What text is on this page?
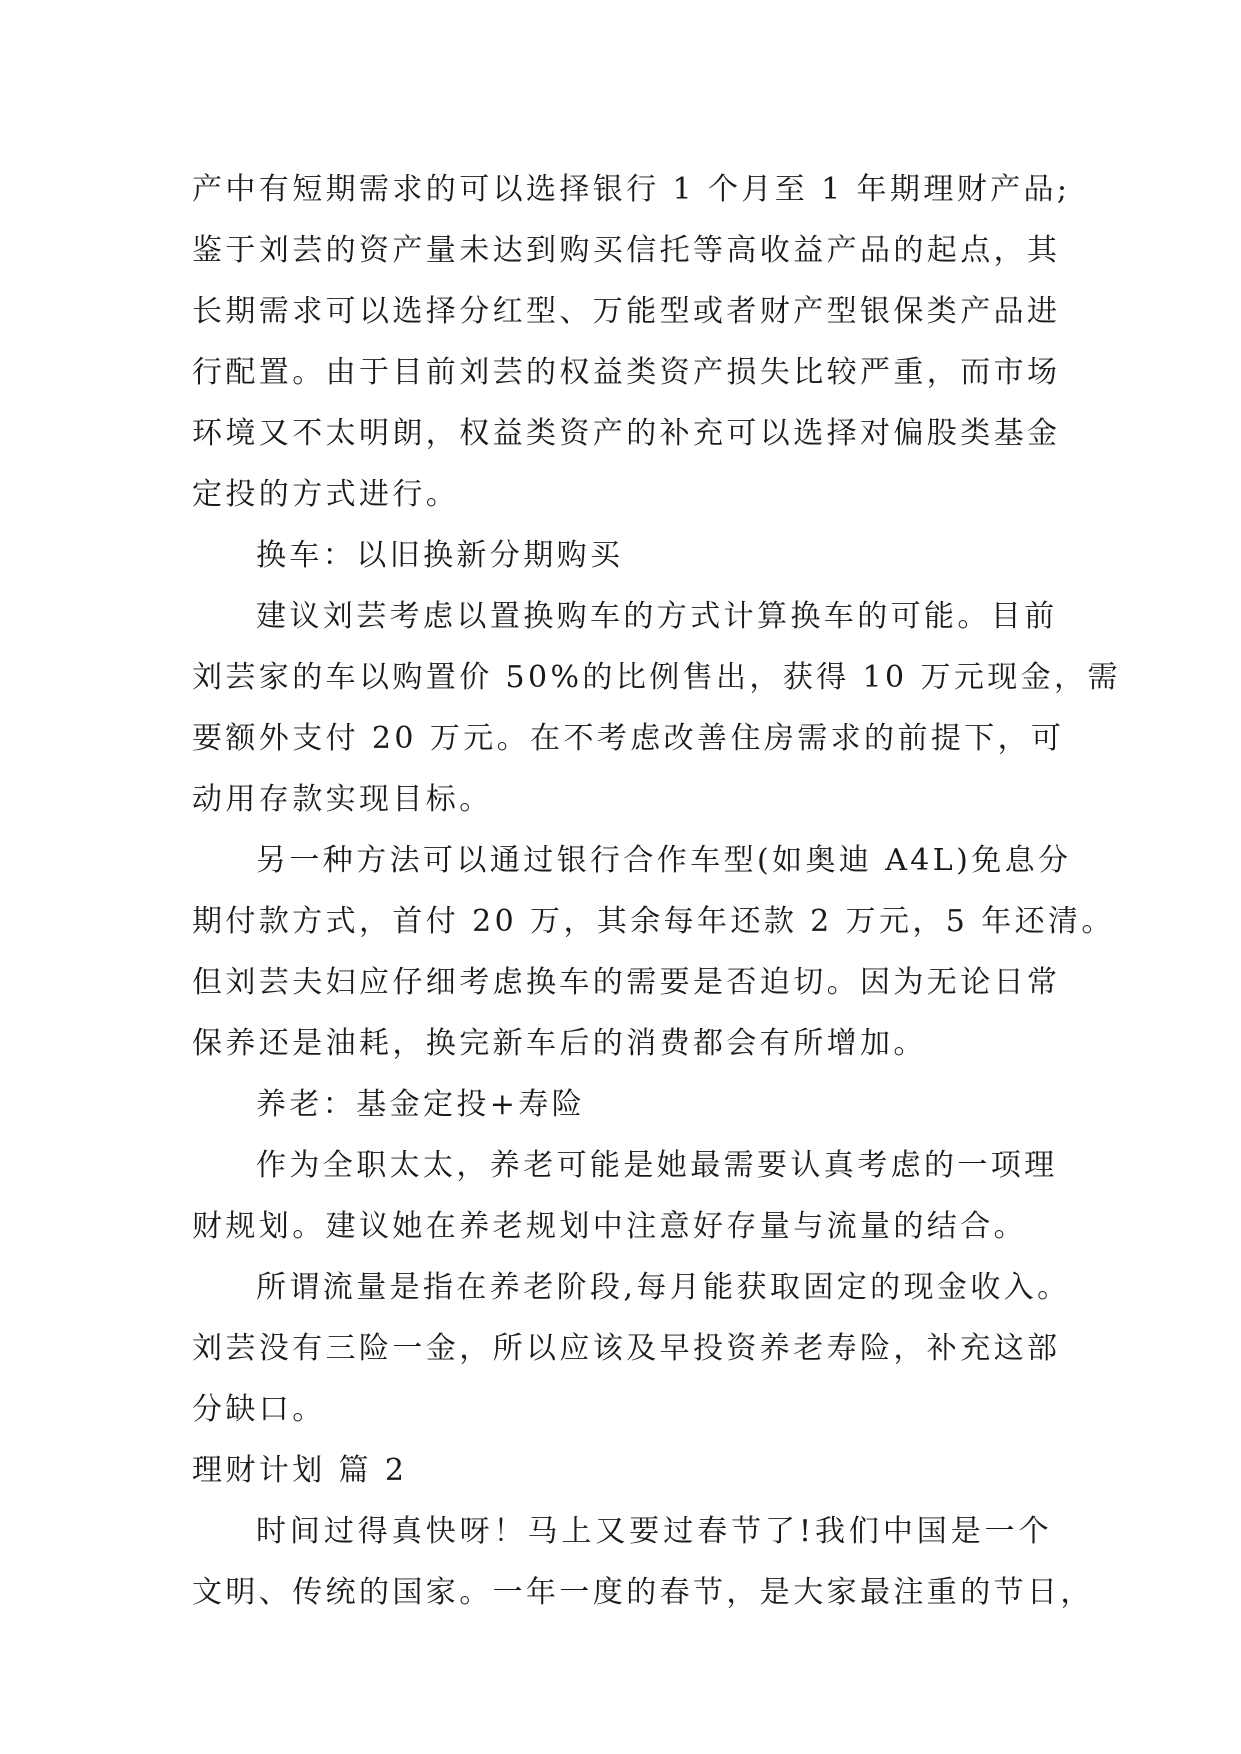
产中有短期需求的可以选择银行 1 个月至 1 年期理财产品;
鉴于刘芸的资产量未达到购买信托等高收益产品的起点，其
长期需求可以选择分红型、万能型或者财产型银保类产品进
行配置。由于目前刘芸的权益类资产损失比较严重，而市场
环境又不太明朗，权益类资产的补充可以选择对偏股类基金
定投的方式进行。
换车：以旧换新分期购买
建议刘芸考虑以置换购车的方式计算换车的可能。目前
刘芸家的车以购置价 50%的比例售出，获得 10 万元现金，需
要额外支付 20 万元。在不考虑改善住房需求的前提下，可
动用存款实现目标。
另一种方法可以通过银行合作车型(如奥迪 A4L)免息分
期付款方式，首付 20 万，其余每年还款 2 万元，5 年还清。
但刘芸夫妇应仔细考虑换车的需要是否迫切。因为无论日常
保养还是油耗，换完新车后的消费都会有所增加。
养老：基金定投+寿险
作为全职太太，养老可能是她最需要认真考虑的一项理
财规划。建议她在养老规划中注意好存量与流量的结合。
所谓流量是指在养老阶段,每月能获取固定的现金收入。
刘芸没有三险一金，所以应该及早投资养老寿险，补充这部
分缺口。
理财计划 篇 2
时间过得真快呀！马上又要过春节了!我们中国是一个
文明、传统的国家。一年一度的春节，是大家最注重的节日，
